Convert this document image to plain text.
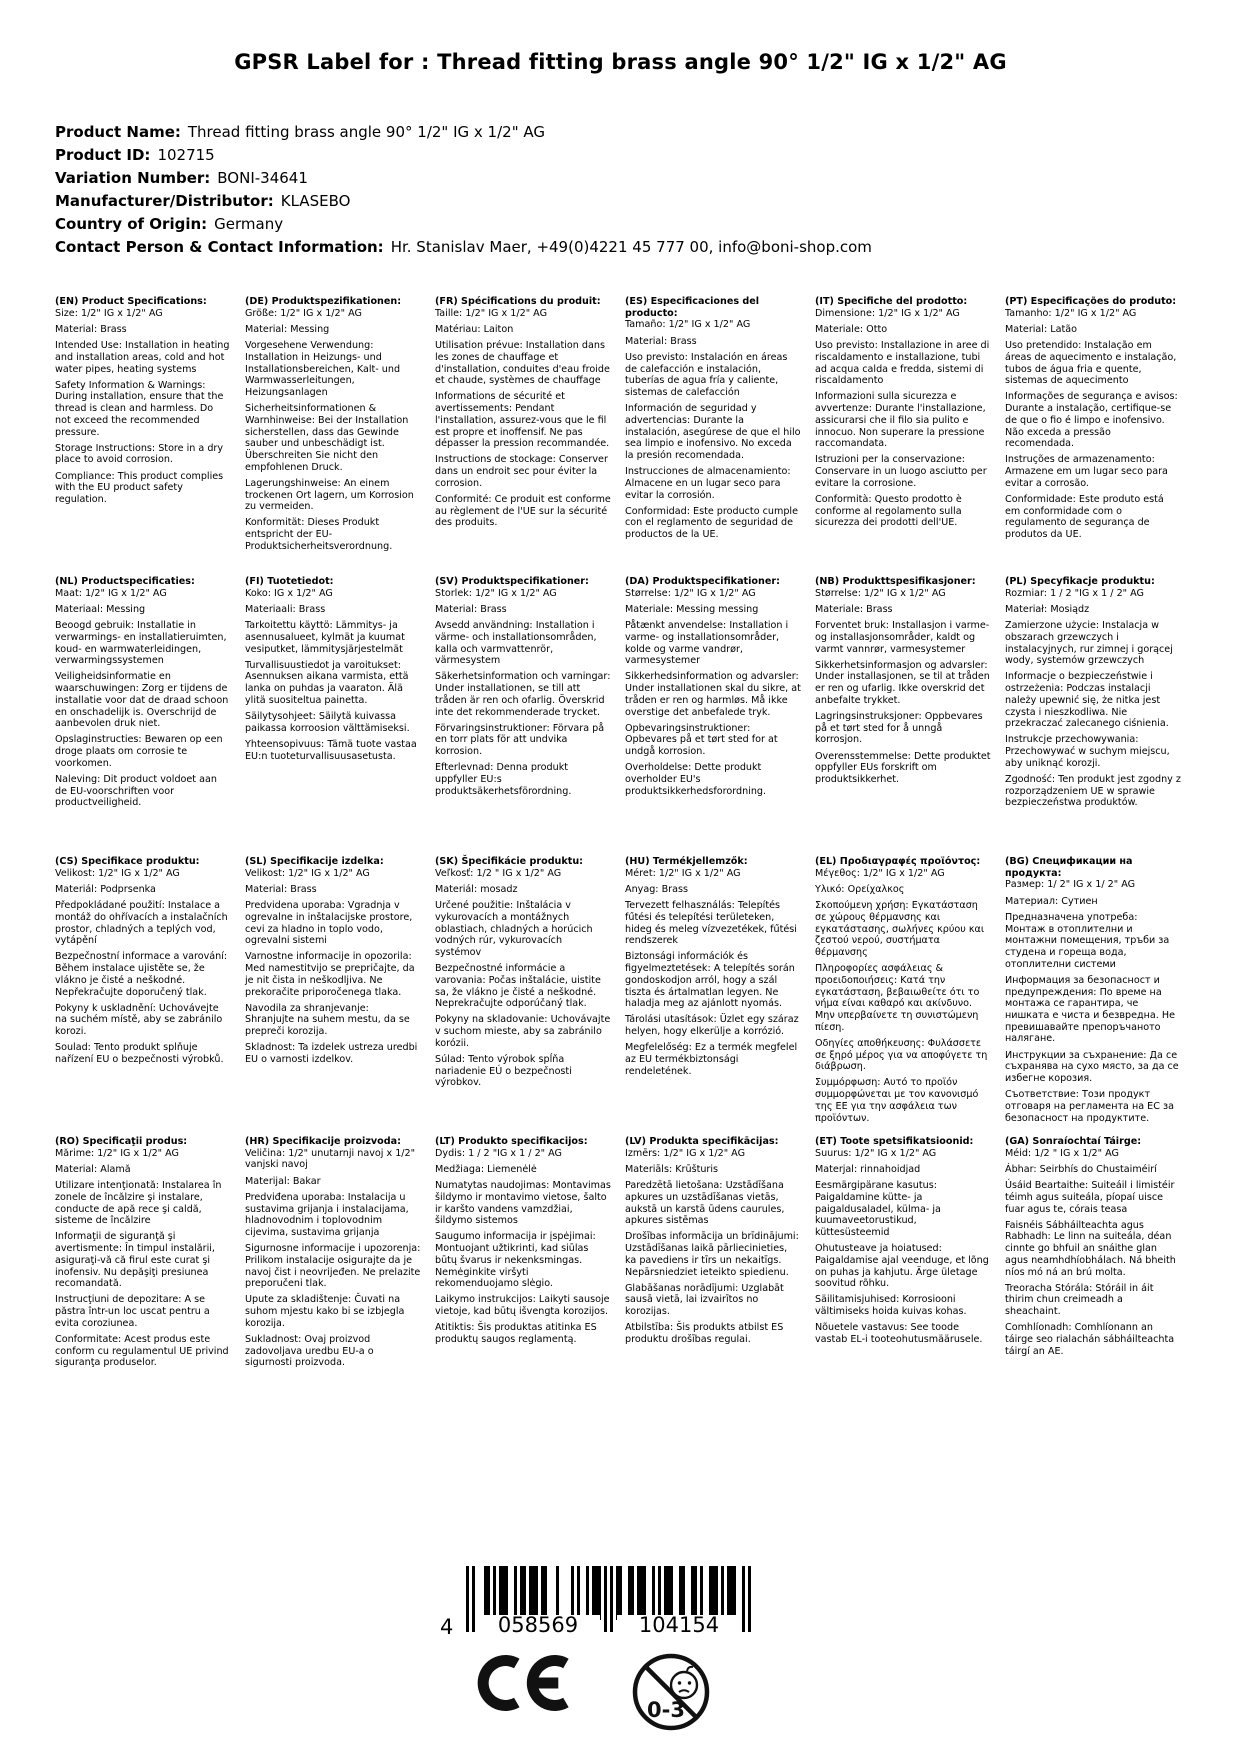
GPSR Label for : Thread fitting brass angle 90° 1/2" IG x 1/2" AG
Product Name: Thread fitting brass angle 90° 1/2" IG x 1/2" AG
Product ID: 102715
Variation Number: BONI-34641
Manufacturer/Distributor: KLASEBO
Country of Origin: Germany
Contact Person & Contact Information: Hr. Stanislav Maer, +49(0)4221 45 777 00, info@boni-shop.com
(EN) Product Specifications:

Size: 1/2" IG x 1/2" AG

Material: Brass

Intended Use: Installation in heating and installation areas, cold and hot water pipes, heating systems

Safety Information & Warnings: During installation, ensure that the thread is clean and harmless. Do not exceed the recommended pressure.

Storage Instructions: Store in a dry place to avoid corrosion.

Compliance: This product complies with the EU product safety regulation.

(DE) Produktspezifikationen:

Größe: 1/2" IG x 1/2" AG

Material: Messing

Vorgesehene Verwendung: Installation in Heizungs- und Installationsbereichen, Kalt- und Warmwasserleitungen, Heizungsanlagen

Sicherheitsinformationen & Warnhinweise: Bei der Installation sicherstellen, dass das Gewinde sauber und unbeschädigt ist. Überschreiten Sie nicht den empfohlenen Druck.

Lagerungshinweise: An einem trockenen Ort lagern, um Korrosion zu vermeiden.

Konformität: Dieses Produkt entspricht der EU-Produktsicherheitsverordnung.

(FR) Spécifications du produit:

Taille: 1/2" IG x 1/2" AG

Matériau: Laiton

Utilisation prévue: Installation dans les zones de chauffage et d'installation, conduites d'eau froide et chaude, systèmes de chauffage

Informations de sécurité et avertissements: Pendant l'installation, assurez-vous que le fil est propre et inoffensif. Ne pas dépasser la pression recommandée.

Instructions de stockage: Conserver dans un endroit sec pour éviter la corrosion.

Conformité: Ce produit est conforme au règlement de l'UE sur la sécurité des produits.

(ES) Especificaciones del producto:

Tamaño: 1/2" IG x 1/2" AG

Material: Brass

Uso previsto: Instalación en áreas de calefacción e instalación, tuberías de agua fría y caliente, sistemas de calefacción

Información de seguridad y advertencias: Durante la instalación, asegúrese de que el hilo sea limpio e inofensivo. No exceda la presión recomendada.

Instrucciones de almacenamiento: Almacene en un lugar seco para evitar la corrosión.

Conformidad: Este producto cumple con el reglamento de seguridad de productos de la UE.

(IT) Specifiche del prodotto:

Dimensione: 1/2" IG x 1/2" AG

Materiale: Otto

Uso previsto: Installazione in aree di riscaldamento e installazione, tubi ad acqua calda e fredda, sistemi di riscaldamento

Informazioni sulla sicurezza e avvertenze: Durante l'installazione, assicurarsi che il filo sia pulito e innocuo. Non superare la pressione raccomandata.

Istruzioni per la conservazione: Conservare in un luogo asciutto per evitare la corrosione.

Conformità: Questo prodotto è conforme al regolamento sulla sicurezza dei prodotti dell'UE.

(PT) Especificações do produto:

Tamanho: 1/2" IG x 1/2" AG

Material: Latão

Uso pretendido: Instalação em áreas de aquecimento e instalação, tubos de água fria e quente, sistemas de aquecimento

Informações de segurança e avisos: Durante a instalação, certifique-se de que o fio é limpo e inofensivo. Não exceda a pressão recomendada.

Instruções de armazenamento: Armazene em um lugar seco para evitar a corrosão.

Conformidade: Este produto está em conformidade com o regulamento de segurança de produtos da UE.

(NL) Productspecificaties:

Maat: 1/2" IG x 1/2" AG

Materiaal: Messing

Beoogd gebruik: Installatie in verwarmings- en installatieruimten, koud- en warmwaterleidingen, verwarmingssystemen

Veiligheidsinformatie en waarschuwingen: Zorg er tijdens de installatie voor dat de draad schoon en onschadelijk is. Overschrijd de aanbevolen druk niet.

Opslaginstructies: Bewaren op een droge plaats om corrosie te voorkomen.

Naleving: Dit product voldoet aan de EU-voorschriften voor productveiligheid.

(FI) Tuotetiedot:

Koko: IG x 1/2" AG

Materiaali: Brass

Tarkoitettu käyttö: Lämmitys- ja asennusalueet, kylmät ja kuumat vesiputket, lämmitysjärjestelmät

Turvallisuustiedot ja varoitukset: Asennuksen aikana varmista, että lanka on puhdas ja vaaraton. Älä ylitä suositeltua painetta.

Säilytysohjeet: Säilytä kuivassa paikassa korroosion välttämiseksi.

Yhteensopivuus: Tämä tuote vastaa EU:n tuoteturvallisuusasetusta.

(SV) Produktspecifikationer:

Storlek: 1/2" IG x 1/2" AG

Material: Brass

Avsedd användning: Installation i värme- och installationsområden, kalla och varmvattenrör, värmesystem

Säkerhetsinformation och varningar: Under installationen, se till att tråden är ren och ofarlig. Överskrid inte det rekommenderade trycket.

Förvaringsinstruktioner: Förvara på en torr plats för att undvika korrosion.

Efterlevnad: Denna produkt uppfyller EU:s produktsäkerhetsförordning.

(DA) Produktspecifikationer:

Størrelse: 1/2" IG x 1/2" AG

Materiale: Messing messing

Påtænkt anvendelse: Installation i varme- og installationsområder, kolde og varme vandrør, varmesystemer

Sikkerhedsinformation og advarsler: Under installationen skal du sikre, at tråden er ren og harmløs. Må ikke overstige det anbefalede tryk.

Opbevaringsinstruktioner: Opbevares på et tørt sted for at undgå korrosion.

Overholdelse: Dette produkt overholder EU's produktsikkerhedsforordning.

(NB) Produkttspesifikasjoner:

Størrelse: 1/2" IG x 1/2" AG

Materiale: Brass

Forventet bruk: Installasjon i varme- og installasjonsområder, kaldt og varmt vannrør, varmesystemer

Sikkerhetsinformasjon og advarsler: Under installasjonen, se til at tråden er ren og ufarlig. Ikke overskrid det anbefalte trykket.

Lagringsinstruksjoner: Oppbevares på et tørt sted for å unngå korrosjon.

Overensstemmelse: Dette produktet oppfyller EUs forskrift om produktsikkerhet.

(PL) Specyfikacje produktu:

Rozmiar: 1 / 2 "IG x 1 / 2" AG

Materiał: Mosiądz

Zamierzone użycie: Instalacja w obszarach grzewczych i instalacyjnych, rur zimnej i gorącej wody, systemów grzewczych

Informacje o bezpieczeństwie i ostrzeżenia: Podczas instalacji należy upewnić się, że nitka jest czysta i nieszkodliwa. Nie przekraczać zalecanego ciśnienia.

Instrukcje przechowywania: Przechowywać w suchym miejscu, aby uniknąć korozji.

Zgodność: Ten produkt jest zgodny z rozporządzeniem UE w sprawie bezpieczeństwa produktów.

(CS) Specifikace produktu:

Velikost: 1/2" IG x 1/2" AG

Materiál: Podprsenka

Předpokládané použití: Instalace a montáž do ohřívacích a instalačních prostor, chladných a teplých vod, vytápění

Bezpečnostní informace a varování: Během instalace ujistěte se, že vlákno je čisté a neškodné. Nepřekračujte doporučený tlak.

Pokyny k uskladnění: Uchovávejte na suchém místě, aby se zabránilo korozi.

Soulad: Tento produkt splňuje nařízení EU o bezpečnosti výrobků.

(SL) Specifikacije izdelka:

Velikost: 1/2" IG x 1/2" AG

Material: Brass

Predvidena uporaba: Vgradnja v ogrevalne in inštalacijske prostore, cevi za hladno in toplo vodo, ogrevalni sistemi

Varnostne informacije in opozorila: Med namestitvijo se prepričajte, da je nit čista in neškodljiva. Ne prekoračite priporočenega tlaka.

Navodila za shranjevanje: Shranjujte na suhem mestu, da se prepreči korozija.

Skladnost: Ta izdelek ustreza uredbi EU o varnosti izdelkov.

(SK) Špecifikácie produktu:

Veľkosť: 1/2 " IG x 1/2" AG

Materiál: mosadz

Určené použitie: Inštalácia v vykurovacích a montážnych oblastiach, chladných a horúcich vodných rúr, vykurovacích systémov

Bezpečnostné informácie a varovania: Počas inštalácie, uistite sa, že vlákno je čisté a neškodné. Neprekračujte odporúčaný tlak.

Pokyny na skladovanie: Uchovávajte v suchom mieste, aby sa zabránilo korózii.

Súlad: Tento výrobok spĺňa nariadenie EÚ o bezpečnosti výrobkov.

(HU) Termékjellemzők:

Méret: 1/2" IG x 1/2" AG

Anyag: Brass

Tervezett felhasználás: Telepítés fűtési és telepítési területeken, hideg és meleg vízvezetékek, fűtési rendszerek

Biztonsági információk és figyelmeztetések: A telepítés során gondoskodjon arról, hogy a szál tiszta és ártalmatlan legyen. Ne haladja meg az ajánlott nyomás.

Tárolási utasítások: Üzlet egy száraz helyen, hogy elkerülje a korrózió.

Megfelelőség: Ez a termék megfelel az EU termékbiztonsági rendeletének.

(EL) Προδιαγραφές προϊόντος:

Μέγεθος: 1/2" IG x 1/2" AG

Υλικό: Ορείχαλκος

Σκοπούμενη χρήση: Εγκατάσταση σε χώρους θέρμανσης και εγκατάστασης, σωλήνες κρύου και ζεστού νερού, συστήματα θέρμανσης

Πληροφορίες ασφάλειας & προειδοποιήσεις: Κατά την εγκατάσταση, βεβαιωθείτε ότι το νήμα είναι καθαρό και ακίνδυνο. Μην υπερβαίνετε τη συνιστώμενη πίεση.

Οδηγίες αποθήκευσης: Φυλάσσετε σε ξηρό μέρος για να αποφύγετε τη διάβρωση.

Συμμόρφωση: Αυτό το προϊόν συμμορφώνεται με τον κανονισμό της ΕΕ για την ασφάλεια των προϊόντων.

(BG) Спецификации на продукта:

Размер: 1/ 2" IG x 1/ 2" AG

Материал: Сутиен

Предназначена употреба: Монтаж в отоплителни и монтажни помещения, тръби за студена и гореща вода, отоплителни системи

Информация за безопасност и предупреждения: По време на монтажа се гарантира, че нишката е чиста и безвредна. Не превишавайте препоръчаното налягане.

Инструкции за съхранение: Да се съхранява на сухо място, за да се избегне корозия.

Съответствие: Този продукт отговаря на регламента на ЕС за безопасност на продуктите.

(RO) Specificaţii produs:

Mărime: 1/2" IG x 1/2" AG

Material: Alamă

Utilizare intenţionată: Instalarea în zonele de încălzire şi instalare, conducte de apă rece şi caldă, sisteme de încălzire

Informaţii de siguranţă şi avertismente: În timpul instalării, asiguraţi-vă că firul este curat şi inofensiv. Nu depăşiţi presiunea recomandată.

Instrucţiuni de depozitare: A se păstra într-un loc uscat pentru a evita coroziunea.

Conformitate: Acest produs este conform cu regulamentul UE privind siguranţa produselor.

(HR) Specifikacije proizvoda:

Veličina: 1/2" unutarnji navoj x 1/2" vanjski navoj

Materijal: Bakar

Predviđena uporaba: Instalacija u sustavima grijanja i instalacijama, hladnovodnim i toplovodnim cijevima, sustavima grijanja

Sigurnosne informacije i upozorenja: Prilikom instalacije osigurajte da je navoj čist i neovrijeđen. Ne prelazite preporučeni tlak.

Upute za skladištenje: Čuvati na suhom mjestu kako bi se izbjegla korozija.

Sukladnost: Ovaj proizvod zadovoljava uredbu EU-a o sigurnosti proizvoda.

(LT) Produkto specifikacijos:

Dydis: 1 / 2 "IG x 1 / 2" AG

Medžiaga: Liemenėlė

Numatytas naudojimas: Montavimas šildymo ir montavimo vietose, šalto ir karšto vandens vamzdžiai, šildymo sistemos

Saugumo informacija ir įspėjimai: Montuojant užtikrinti, kad siūlas būtų švarus ir nekenksmingas. Nemėginkite viršyti rekomenduojamo slėgio.

Laikymo instrukcijos: Laikyti sausoje vietoje, kad būtų išvengta korozijos.

Atitiktis: Šis produktas atitinka ES produktų saugos reglamentą.

(LV) Produkta specifikācijas:

Izmērs: 1/2" IG x 1/2" AG

Materiāls: Krūšturis

Paredzētā lietošana: Uzstādīšana apkures un uzstādīšanas vietās, aukstā un karstā ūdens caurules, apkures sistēmas

Drošības informācija un brīdinājumi: Uzstādīšanas laikā pārliecinieties, ka pavediens ir tīrs un nekaitīgs. Nepārsniedziet ieteikto spiedienu.

Glabāšanas norādījumi: Uzglabāt sausā vietā, lai izvairītos no korozijas.

Atbilstība: Šis produkts atbilst ES produktu drošības regulai.

(ET) Toote spetsifikatsioonid:

Suurus: 1/2" IG x 1/2" AG

Materjal: rinnahoidjad

Eesmärgipärane kasutus: Paigaldamine kütte- ja paigaldusaladel, külma- ja kuumaveetorustikud, küttesüsteemid

Ohutusteave ja hoiatused: Paigaldamise ajal veenduge, et lõng on puhas ja kahjutu. Ärge ületage soovitud rõhku.

Säilitamisjuhised: Korrosiooni vältimiseks hoida kuivas kohas.

Nõuetele vastavus: See toode vastab EL-i tooteohutusmäärusele.

(GA) Sonraíochtaí Táirge:

Méid: 1/2 " IG x 1/2" AG

Ábhar: Seirbhís do Chustaiméirí

Úsáid Beartaithe: Suiteáil i limistéir téimh agus suiteála, píopaí uisce fuar agus te, córais teasa

Faisnéis Sábháilteachta agus Rabhadh: Le linn na suiteála, déan cinnte go bhfuil an snáithe glan agus neamhdhíobhálach. Ná bheith níos mó ná an brú molta.

Treoracha Stórála: Stóráil in áit thirim chun creimeadh a sheachaint.

Comhlíonadh: Comhlíonann an táirge seo rialachán sábháilteachta táirgí an AE.

4	058569	104154
0-3
